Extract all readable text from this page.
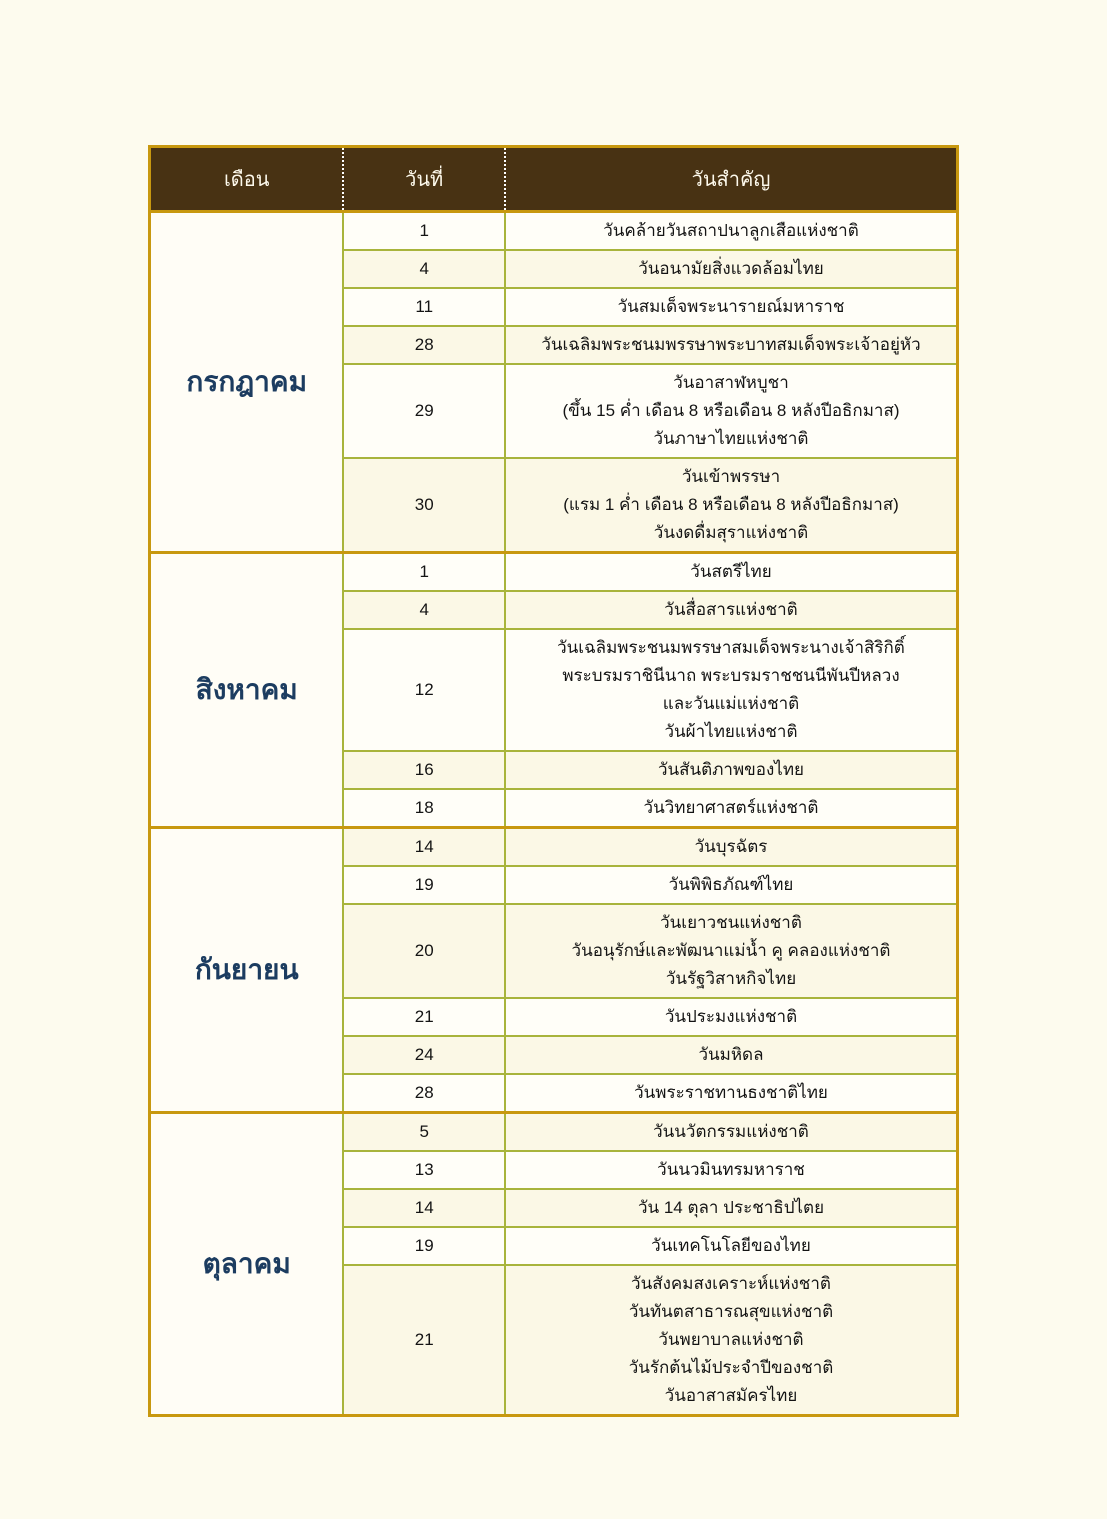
เดือน	วันที่	วันสำคัญ
กรกฎาคม	1	วันคล้ายวันสถาปนาลูกเสือแห่งชาติ

	4	วันอนามัยสิ่งแวดล้อมไทย

	11	วันสมเด็จพระนารายณ์มหาราช

	28	วันเฉลิมพระชนมพรรษาพระบาทสมเด็จพระเจ้าอยู่หัว

	29	วันอาสาฬหบูชา
(ขึ้น 15 ค่ำ เดือน 8 หรือเดือน 8 หลังปีอธิกมาส)
วันภาษาไทยแห่งชาติ

	30	วันเข้าพรรษา
(แรม 1 ค่ำ เดือน 8 หรือเดือน 8 หลังปีอธิกมาส)
วันงดดื่มสุราแห่งชาติ

สิงหาคม	1	วันสตรีไทย

	4	วันสื่อสารแห่งชาติ

	12	วันเฉลิมพระชนมพรรษาสมเด็จพระนางเจ้าสิริกิติ์
พระบรมราชินีนาถ พระบรมราชชนนีพันปีหลวง
และวันแม่แห่งชาติ
วันผ้าไทยแห่งชาติ

	16	วันสันติภาพของไทย

	18	วันวิทยาศาสตร์แห่งชาติ

กันยายน	14	วันบุรฉัตร

	19	วันพิพิธภัณฑ์ไทย

	20	วันเยาวชนแห่งชาติ
วันอนุรักษ์และพัฒนาแม่น้ำ คู คลองแห่งชาติ
วันรัฐวิสาหกิจไทย

	21	วันประมงแห่งชาติ

	24	วันมหิดล

	28	วันพระราชทานธงชาติไทย

ตุลาคม	5	วันนวัตกรรมแห่งชาติ

	13	วันนวมินทรมหาราช

	14	วัน 14 ตุลา ประชาธิปไตย

	19	วันเทคโนโลยีของไทย

	21	วันสังคมสงเคราะห์แห่งชาติ
วันทันตสาธารณสุขแห่งชาติ
วันพยาบาลแห่งชาติ
วันรักต้นไม้ประจำปีของชาติ
วันอาสาสมัครไทย
